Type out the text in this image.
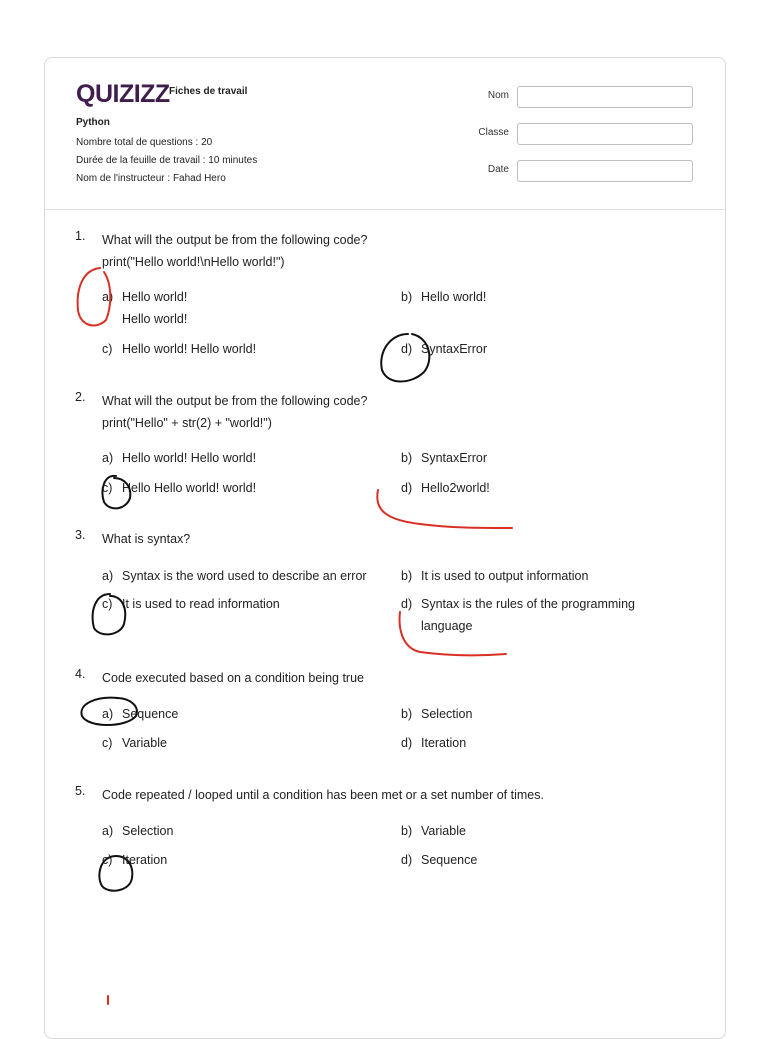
QUIZIZZ Fiches de travail
Python
Nombre total de questions : 20
Durée de la feuille de travail : 10 minutes
Nom de l'instructeur : Fahad Hero
Nom
Classe
Date
1.	What will the output be from the following code?
print("Hello world!\nHello world!")
a) Hello world!
Hello world!
b) Hello world!
c) Hello world! Hello world!	d) SyntaxError
2.	What will the output be from the following code?
print("Hello" + str(2) + "world!")
a) Hello world! Hello world!	b) SyntaxError
c) Hello Hello world! world!	d) Hello2world!
3.	What is syntax?
a) Syntax is the word used to describe an error	b) It is used to output information
c) It is used to read information	d) Syntax is the rules of the programming
language
4.	Code executed based on a condition being true
a) Sequence	b) Selection
c) Variable	d) Iteration
5.	Code repeated / looped until a condition has been met or a set number of times.
a) Selection	b) Variable
c) Iteration	d) Sequence
